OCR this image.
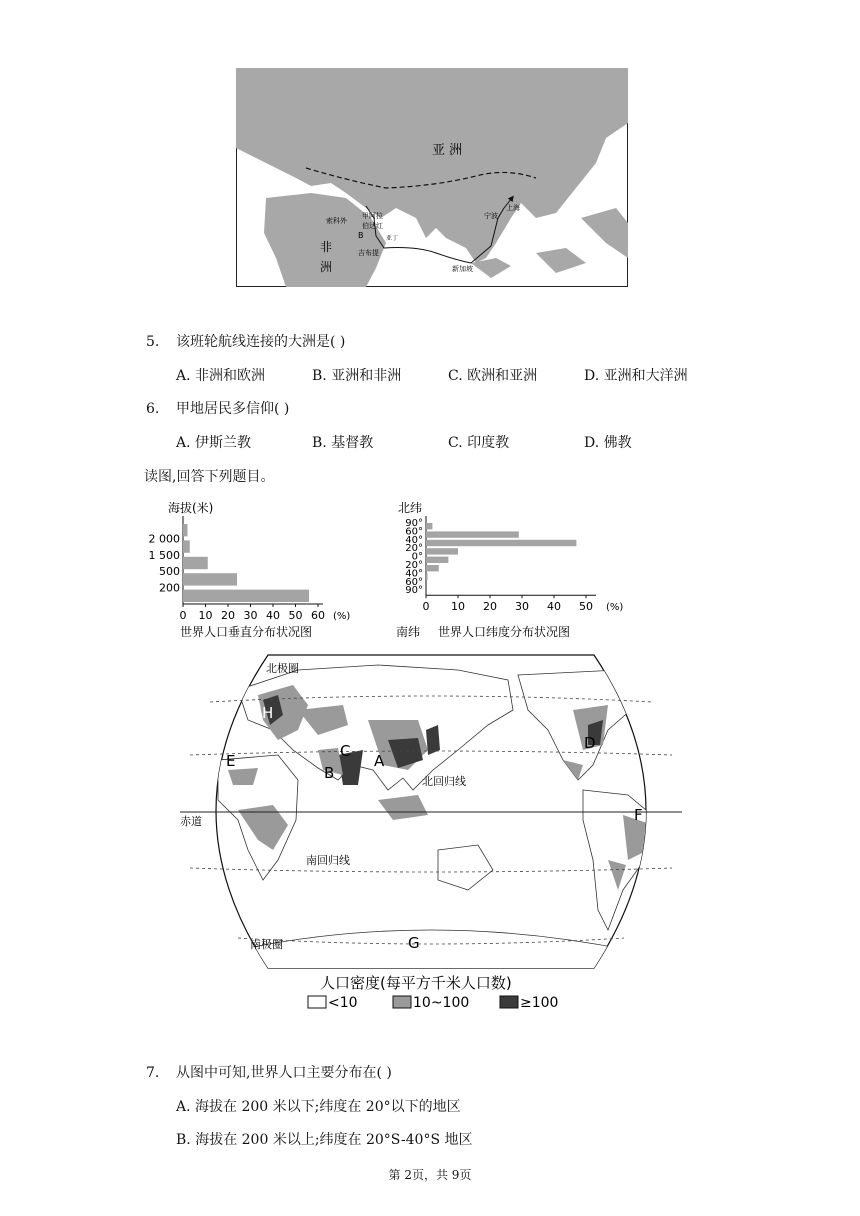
亚 洲
非
洲
索科外
甲阿拉
伯达红
B	亚丁
吉布提
宁波
上海
新加坡
5. 该班轮航线连接的大洲是( )
A. 非洲和欧洲	B. 亚洲和非洲	C. 欧洲和亚洲	D. 亚洲和大洋洲
6. 甲地居民多信仰( )
A. 伊斯兰教	B. 基督教	C. 印度教	D. 佛教
读图,回答下列题目。
海拔(米)
2 000
1 500
500
200
0 10 20 30 40 50 60 (%)
世界人口垂直分布状况图
北纬
90°
60°
40°
20°
0°
20°
40°
60°
90°
0 10 20 30 40 50 (%)
南纬 世界人口纬度分布状况图
北极圈
北回归线
赤道
南回归线
南极圈
A
B
C	D
E
F
G
H
人口密度(每平方千米人口数)
<10	10~100	≥100
7. 从图中可知,世界人口主要分布在( )
A. 海拔在 200 米以下;纬度在 20°以下的地区
B. 海拔在 200 米以上;纬度在 20°S-40°S 地区
第 2页，共 9页
